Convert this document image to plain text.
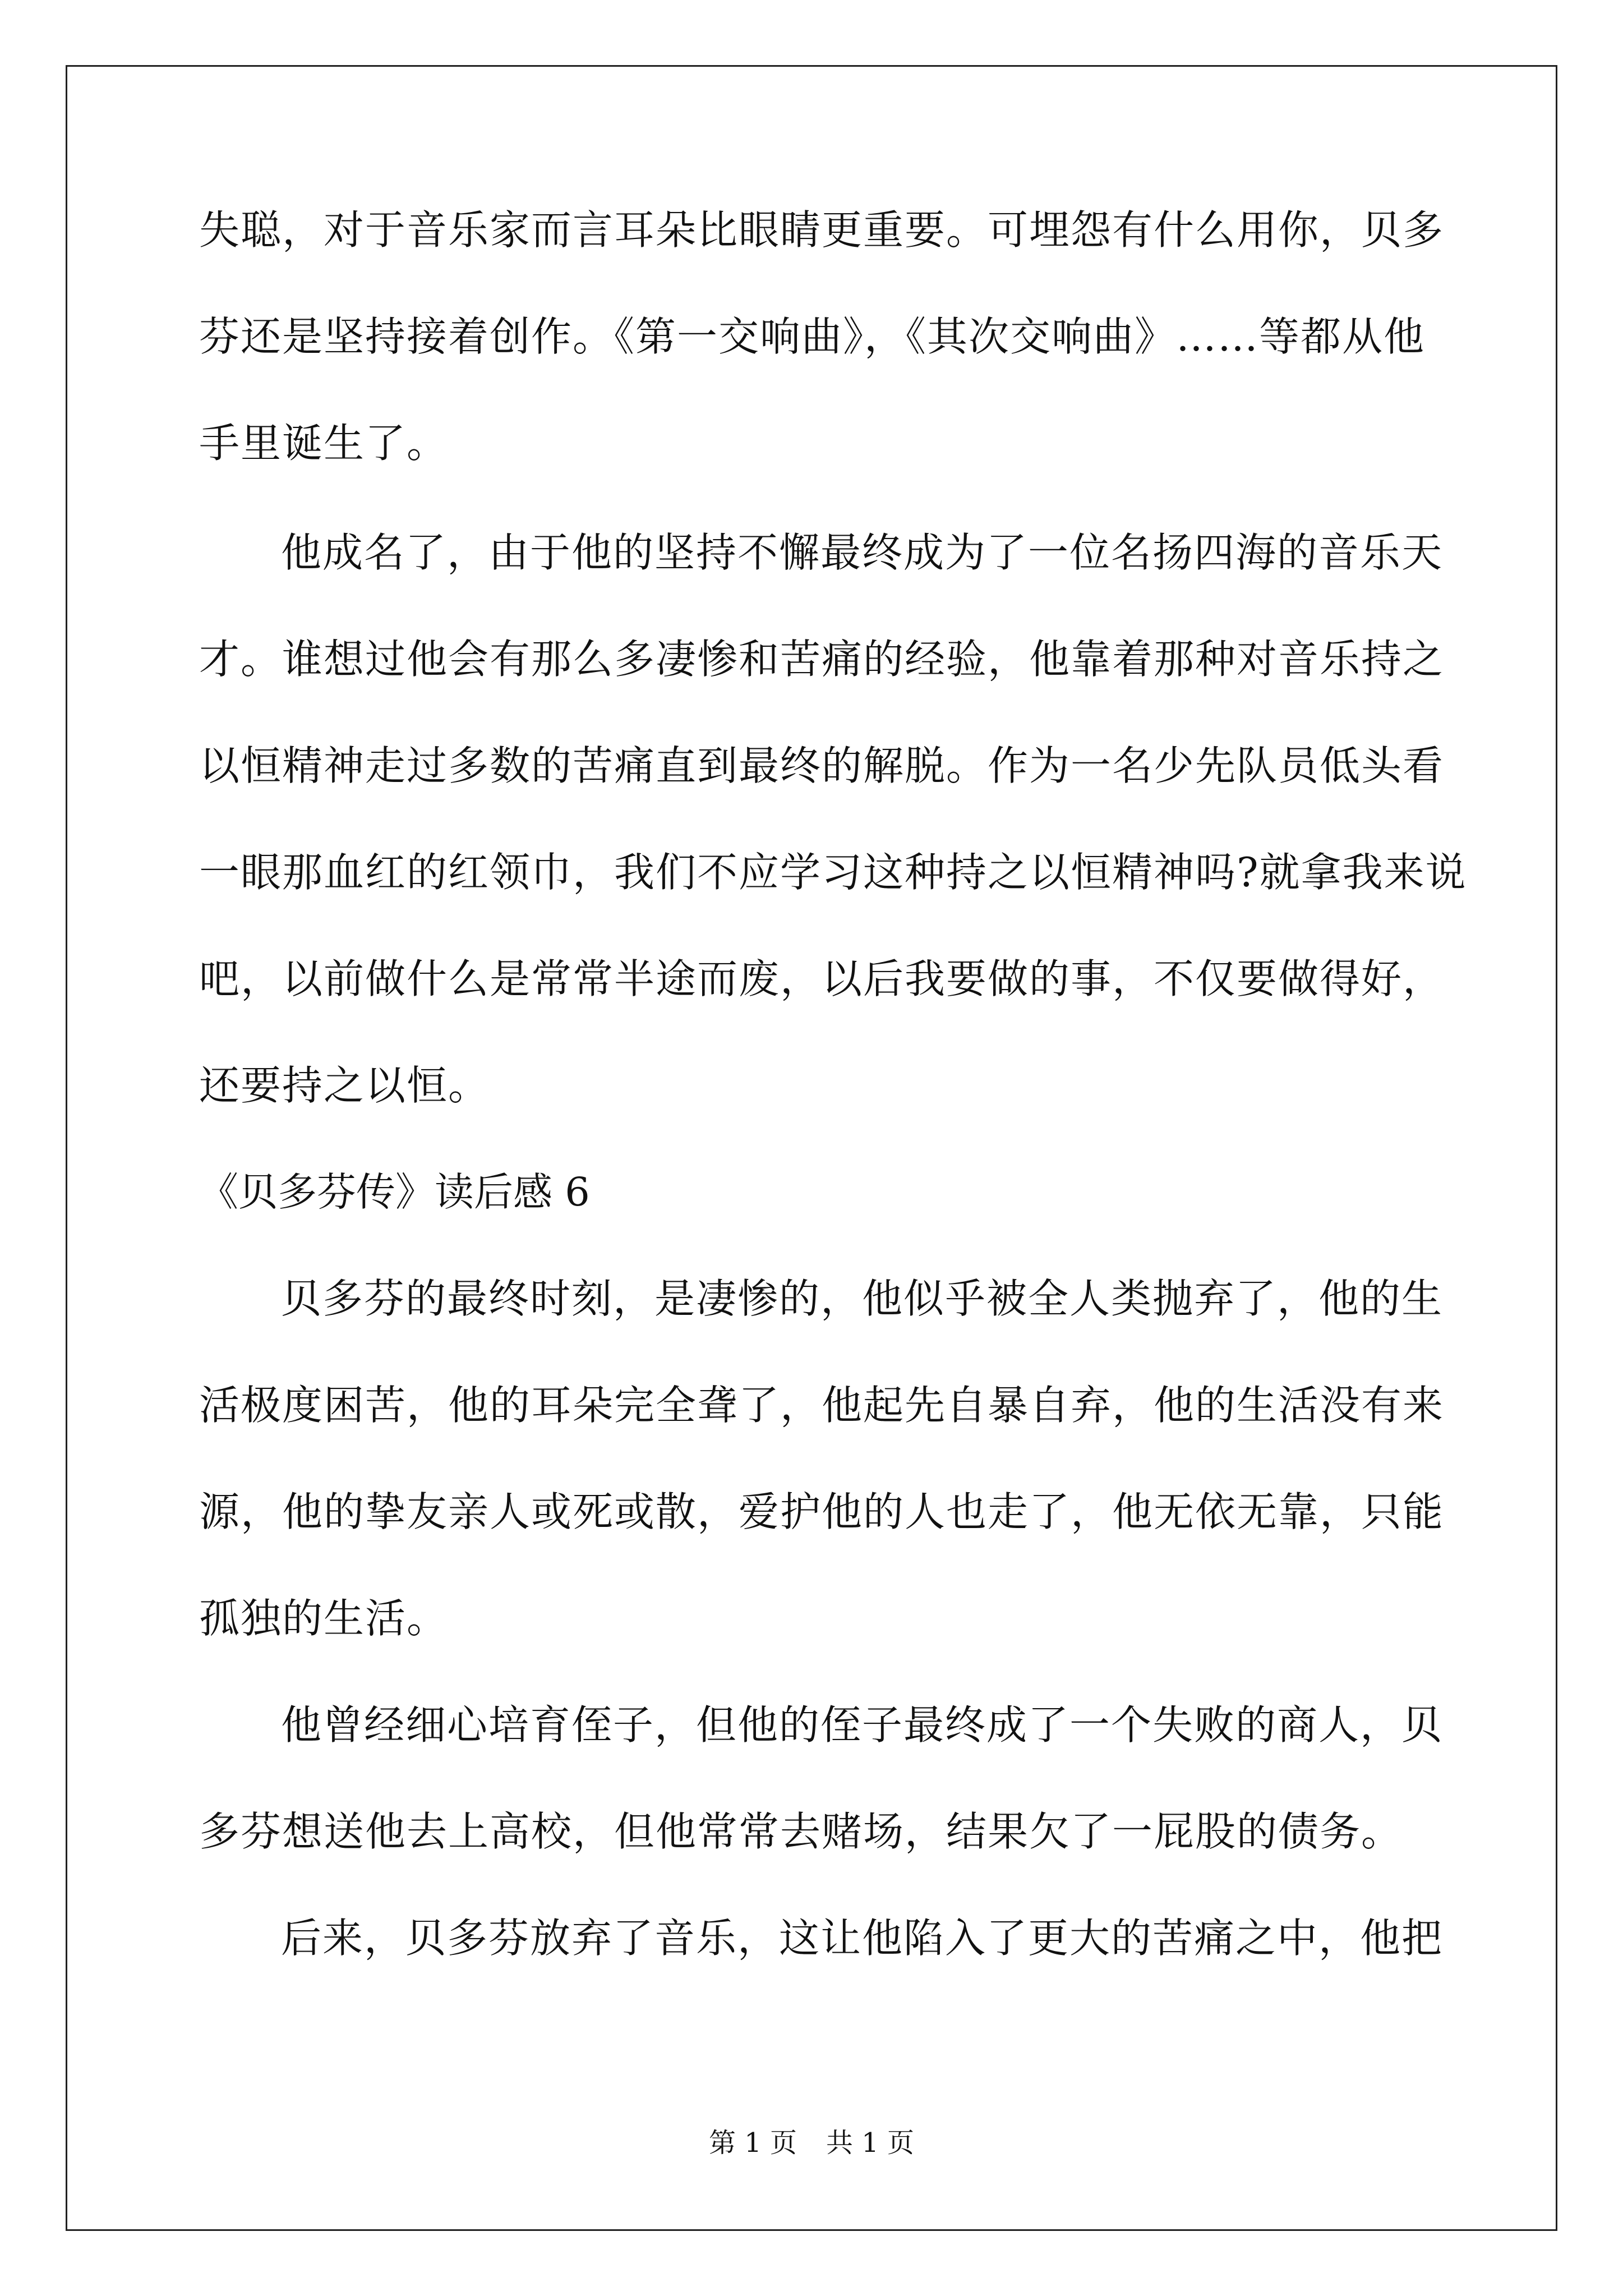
失聪，对于音乐家而言耳朵比眼睛更重要。可埋怨有什么用你，贝多
芬还是坚持接着创作。《第一交响曲》，《其次交响曲》……等都从他
手里诞生了。
他成名了，由于他的坚持不懈最终成为了一位名扬四海的音乐天
才。谁想过他会有那么多凄惨和苦痛的经验，他靠着那种对音乐持之
以恒精神走过多数的苦痛直到最终的解脱。作为一名少先队员低头看
一眼那血红的红领巾，我们不应学习这种持之以恒精神吗?就拿我来说
吧，以前做什么是常常半途而废，以后我要做的事，不仅要做得好，
还要持之以恒。
《贝多芬传》读后感 6
贝多芬的最终时刻，是凄惨的，他似乎被全人类抛弃了，他的生
活极度困苦，他的耳朵完全聋了，他起先自暴自弃，他的生活没有来
源，他的挚友亲人或死或散，爱护他的人也走了，他无依无靠，只能
孤独的生活。
他曾经细心培育侄子，但他的侄子最终成了一个失败的商人，贝
多芬想送他去上高校，但他常常去赌场，结果欠了一屁股的债务。
后来，贝多芬放弃了音乐，这让他陷入了更大的苦痛之中，他把
第 1 页 共 1 页
